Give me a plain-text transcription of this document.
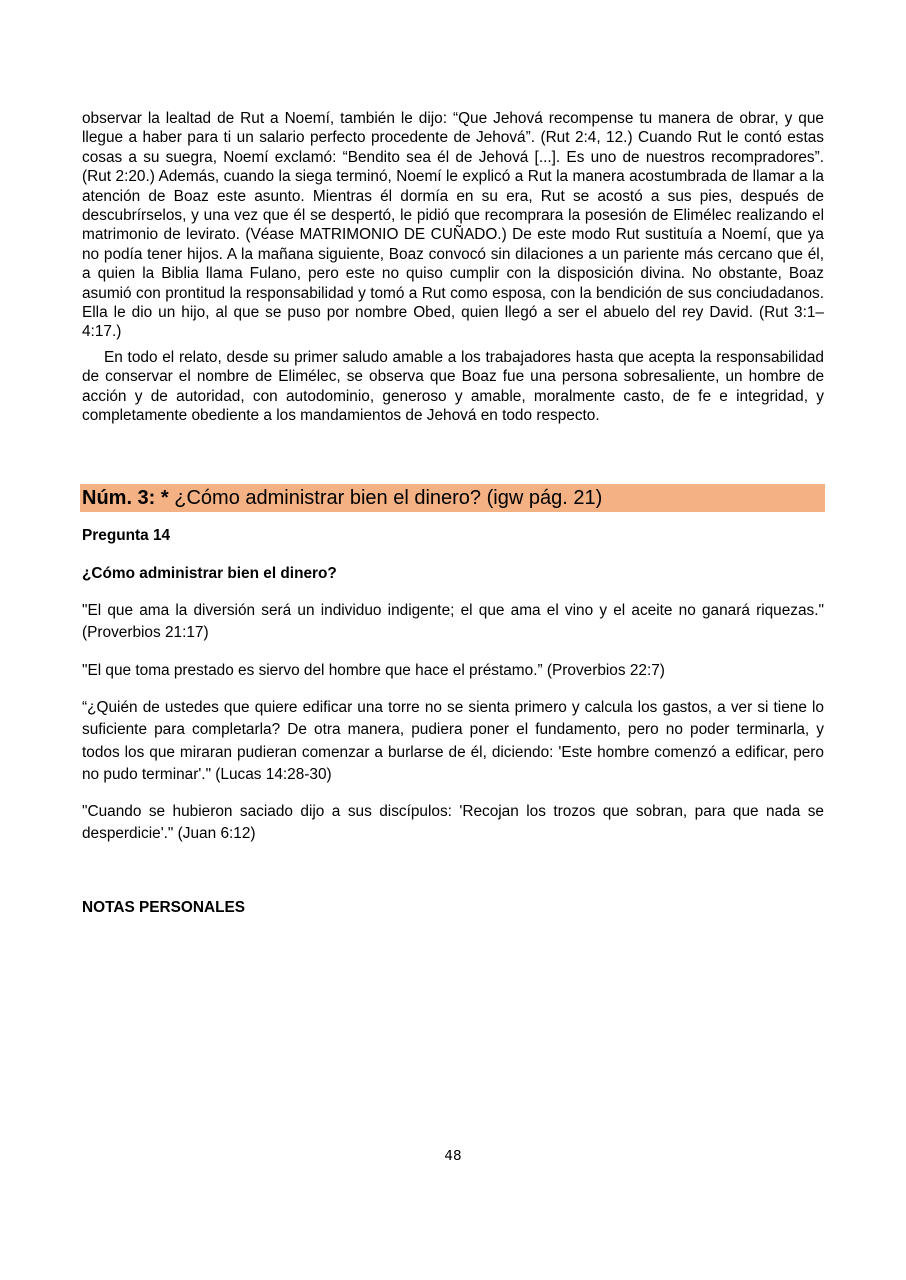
observar la lealtad de Rut a Noemí, también le dijo: “Que Jehová recompense tu manera de obrar, y que llegue a haber para ti un salario perfecto procedente de Jehová”. (Rut 2:4, 12.) Cuando Rut le contó estas cosas a su suegra, Noemí exclamó: “Bendito sea él de Jehová [...]. Es uno de nuestros recompradores”. (Rut 2:20.) Además, cuando la siega terminó, Noemí le explicó a Rut la manera acostumbrada de llamar a la atención de Boaz este asunto. Mientras él dormía en su era, Rut se acostó a sus pies, después de descubrírselos, y una vez que él se despertó, le pidió que recomprara la posesión de Elimélec realizando el matrimonio de levirato. (Véase MATRIMONIO DE CUÑADO.) De este modo Rut sustituía a Noemí, que ya no podía tener hijos. A la mañana siguiente, Boaz convocó sin dilaciones a un pariente más cercano que él, a quien la Biblia llama Fulano, pero este no quiso cumplir con la disposición divina. No obstante, Boaz asumió con prontitud la responsabilidad y tomó a Rut como esposa, con la bendición de sus conciudadanos. Ella le dio un hijo, al que se puso por nombre Obed, quien llegó a ser el abuelo del rey David. (Rut 3:1–4:17.)

En todo el relato, desde su primer saludo amable a los trabajadores hasta que acepta la responsabilidad de conservar el nombre de Elimélec, se observa que Boaz fue una persona sobresaliente, un hombre de acción y de autoridad, con autodominio, generoso y amable, moralmente casto, de fe e integridad, y completamente obediente a los mandamientos de Jehová en todo respecto.

Núm. 3: * ¿Cómo administrar bien el dinero? (igw pág. 21)

Pregunta 14

¿Cómo administrar bien el dinero?

"El que ama la diversión será un individuo indigente; el que ama el vino y el aceite no ganará riquezas." (Proverbios 21:17)

"El que toma prestado es siervo del hombre que hace el préstamo.” (Proverbios 22:7)

“¿Quién de ustedes que quiere edificar una torre no se sienta primero y calcula los gastos, a ver si tiene lo suficiente para completarla? De otra manera, pudiera poner el fundamento, pero no poder terminarla, y todos los que miraran pudieran comenzar a burlarse de él, diciendo: 'Este hombre comenzó a edificar, pero no pudo terminar'." (Lucas 14:28-30)

"Cuando se hubieron saciado dijo a sus discípulos: 'Recojan los trozos que sobran, para que nada se desperdicie'." (Juan 6:12)

NOTAS PERSONALES

48
